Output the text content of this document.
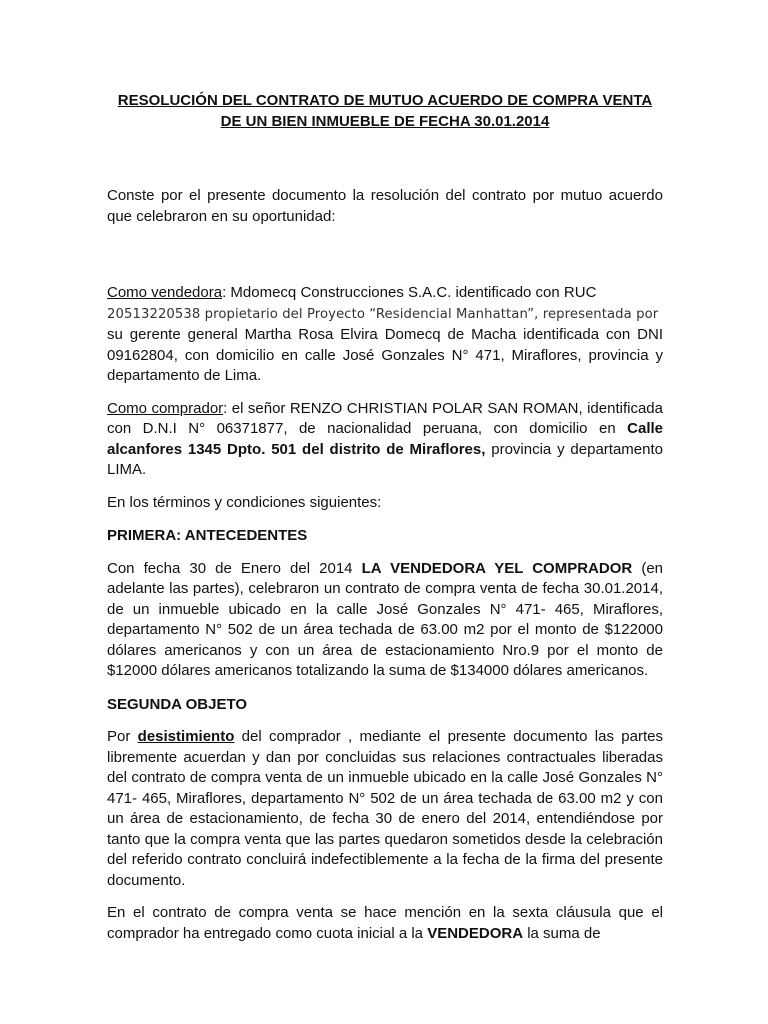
RESOLUCIÓN DEL CONTRATO DE MUTUO ACUERDO DE COMPRA VENTA
DE UN BIEN INMUEBLE DE FECHA 30.01.2014

Conste por el presente documento la resolución del contrato por mutuo acuerdo que celebraron en su oportunidad:

Como vendedora: Mdomecq Construcciones S.A.C. identificado con RUC
20513220538 propietario del Proyecto “Residencial Manhattan”, representada por
su gerente general Martha Rosa Elvira Domecq de Macha identificada con DNI 09162804, con domicilio en calle José Gonzales N° 471, Miraflores, provincia y departamento de Lima.

Como comprador: el señor RENZO CHRISTIAN POLAR SAN ROMAN, identificada con D.N.I N° 06371877, de nacionalidad peruana, con domicilio en Calle alcanfores 1345 Dpto. 501 del distrito de Miraflores, provincia y departamento LIMA.

En los términos y condiciones siguientes:

PRIMERA: ANTECEDENTES

Con fecha 30 de Enero del 2014 LA VENDEDORA YEL COMPRADOR (en adelante las partes), celebraron un contrato de compra venta de fecha 30.01.2014, de un inmueble ubicado en la calle José Gonzales N° 471- 465, Miraflores, departamento N° 502 de un área techada de 63.00 m2 por el monto de $122000 dólares americanos y con un área de estacionamiento Nro.9 por el monto de $12000 dólares americanos totalizando la suma de $134000 dólares americanos.

SEGUNDA OBJETO

Por desistimiento del comprador , mediante el presente documento las partes libremente acuerdan y dan por concluidas sus relaciones contractuales liberadas del contrato de compra venta de un inmueble ubicado en la calle José Gonzales N° 471- 465, Miraflores, departamento N° 502 de un área techada de 63.00 m2 y con un área de estacionamiento, de fecha 30 de enero del 2014, entendiéndose por tanto que la compra venta que las partes quedaron sometidos desde la celebración del referido contrato concluirá indefectiblemente a la fecha de la firma del presente documento.

En el contrato de compra venta se hace mención en la sexta cláusula que el comprador ha entregado como cuota inicial a la VENDEDORA la suma de
